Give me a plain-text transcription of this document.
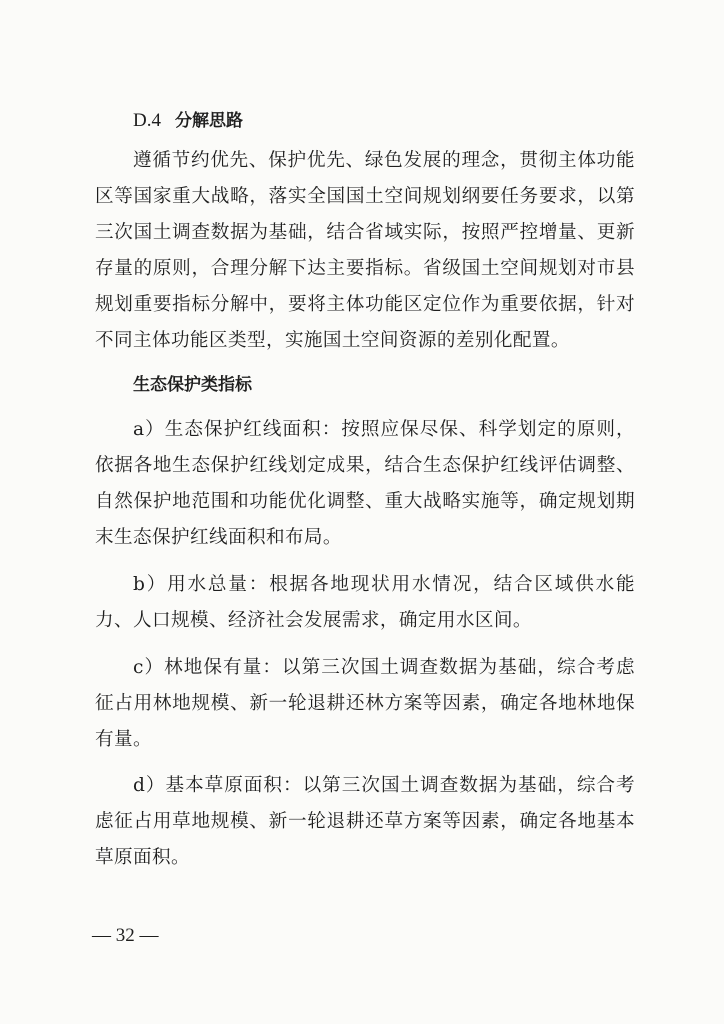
D.4 分解思路
遵循节约优先、保护优先、绿色发展的理念，贯彻主体功能区等国家重大战略，落实全国国土空间规划纲要任务要求，以第三次国土调查数据为基础，结合省域实际，按照严控增量、更新存量的原则，合理分解下达主要指标。省级国土空间规划对市县规划重要指标分解中，要将主体功能区定位作为重要依据，针对不同主体功能区类型，实施国土空间资源的差别化配置。
生态保护类指标
a）生态保护红线面积：按照应保尽保、科学划定的原则，依据各地生态保护红线划定成果，结合生态保护红线评估调整、自然保护地范围和功能优化调整、重大战略实施等，确定规划期末生态保护红线面积和布局。
b）用水总量：根据各地现状用水情况，结合区域供水能力、人口规模、经济社会发展需求，确定用水区间。
c）林地保有量：以第三次国土调查数据为基础，综合考虑征占用林地规模、新一轮退耕还林方案等因素，确定各地林地保有量。
d）基本草原面积：以第三次国土调查数据为基础，综合考虑征占用草地规模、新一轮退耕还草方案等因素，确定各地基本草原面积。
— 32 —
